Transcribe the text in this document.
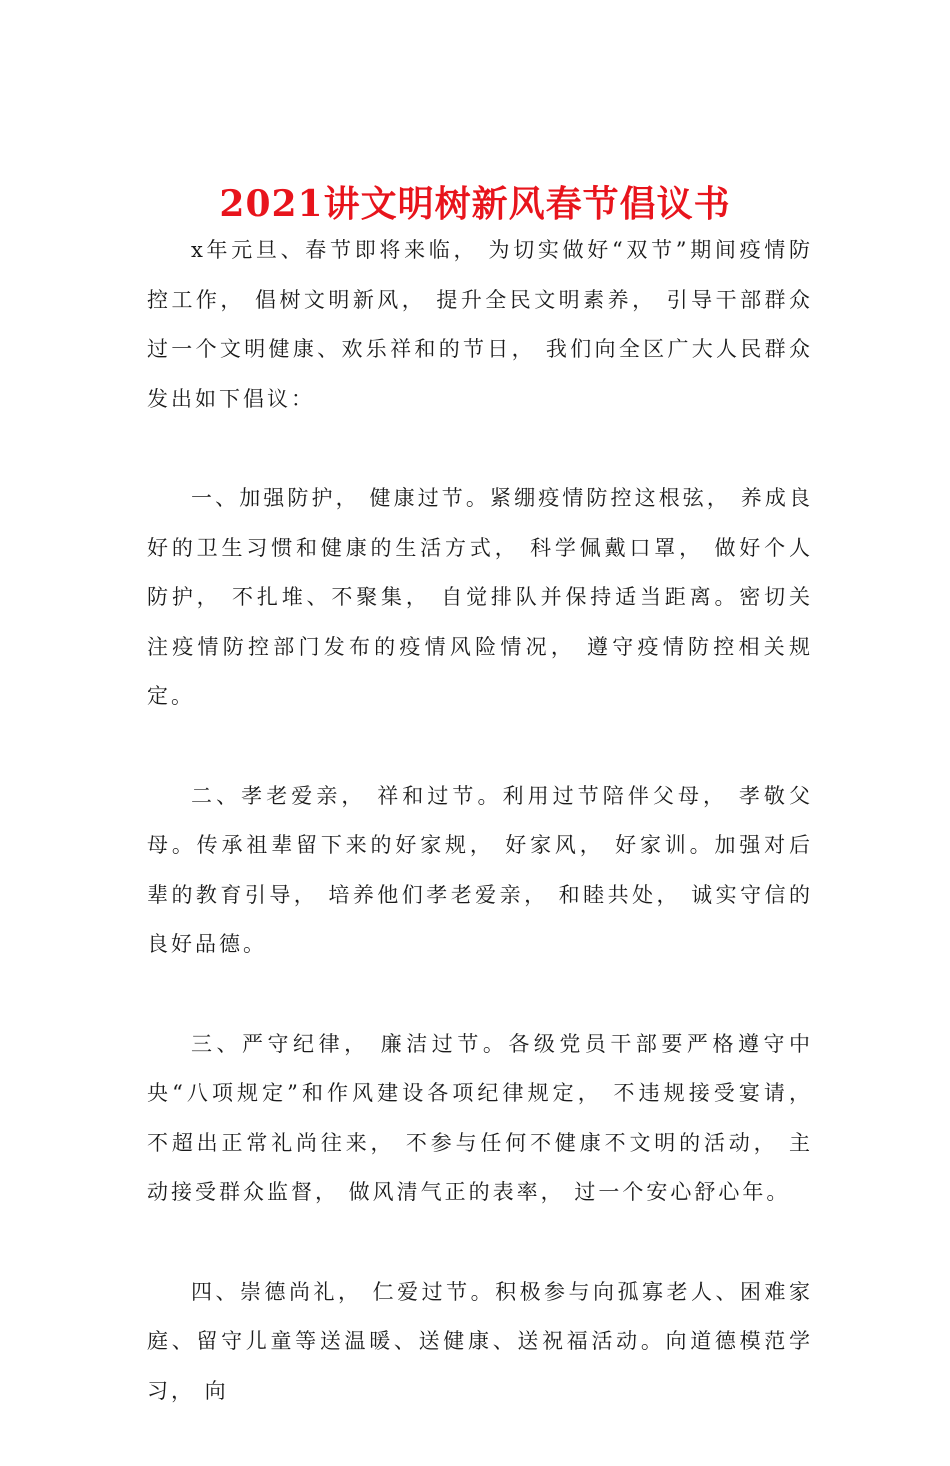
2021讲文明树新风春节倡议书

x年元旦、春节即将来临， 为切实做好“双节”期间疫情防控工作， 倡树文明新风， 提升全民文明素养， 引导干部群众过一个文明健康、欢乐祥和的节日， 我们向全区广大人民群众发出如下倡议：

一、加强防护， 健康过节。紧绷疫情防控这根弦， 养成良好的卫生习惯和健康的生活方式， 科学佩戴口罩， 做好个人防护， 不扎堆、不聚集， 自觉排队并保持适当距离。密切关注疫情防控部门发布的疫情风险情况， 遵守疫情防控相关规定。

二、孝老爱亲， 祥和过节。利用过节陪伴父母， 孝敬父母。传承祖辈留下来的好家规， 好家风， 好家训。加强对后辈的教育引导， 培养他们孝老爱亲， 和睦共处， 诚实守信的良好品德。

三、严守纪律， 廉洁过节。各级党员干部要严格遵守中央“八项规定”和作风建设各项纪律规定， 不违规接受宴请， 不超出正常礼尚往来， 不参与任何不健康不文明的活动， 主动接受群众监督， 做风清气正的表率， 过一个安心舒心年。

四、崇德尚礼， 仁爱过节。积极参与向孤寡老人、困难家庭、留守儿童等送温暖、送健康、送祝福活动。向道德模范学习， 向
